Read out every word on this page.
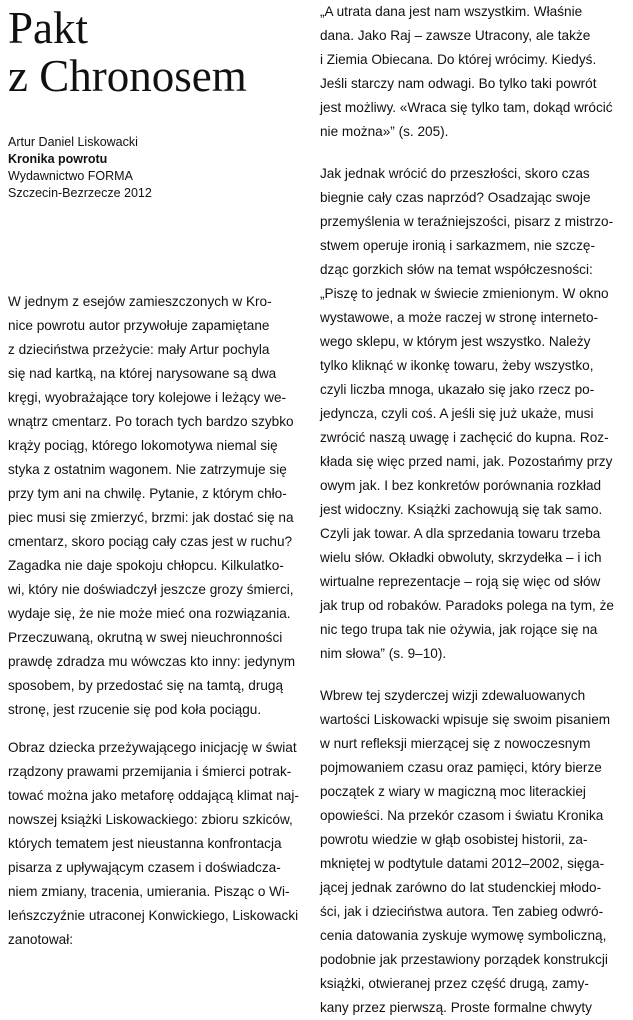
Pakt
z Chronosem
Artur Daniel Liskowacki
Kronika powrotu
Wydawnictwo FORMA
Szczecin-Bezrzecze 2012

W jednym z esejów zamieszczonych w Kro-

nice powrotu autor przywołuje zapamiętane

z dzieciństwa przeżycie: mały Artur pochyla

się nad kartką, na której narysowane są dwa

kręgi, wyobrażające tory kolejowe i leżący we-

wnątrz cmentarz. Po torach tych bardzo szybko

krąży pociąg, którego lokomotywa niemal się

styka z ostatnim wagonem. Nie zatrzymuje się

przy tym ani na chwilę. Pytanie, z którym chło-

piec musi się zmierzyć, brzmi: jak dostać się na

cmentarz, skoro pociąg cały czas jest w ruchu?

Zagadka nie daje spokoju chłopcu. Kilkulatko-

wi, który nie doświadczył jeszcze grozy śmierci,

wydaje się, że nie może mieć ona rozwiązania.

Przeczuwaną, okrutną w swej nieuchronności

prawdę zdradza mu wówczas kto inny: jedynym

sposobem, by przedostać się na tamtą, drugą

stronę, jest rzucenie się pod koła pociągu.

Obraz dziecka przeżywającego inicjację w świat

rządzony prawami przemijania i śmierci potrak-

tować można jako metaforę oddającą klimat naj-

nowszej książki Liskowackiego: zbioru szkiców,

których tematem jest nieustanna konfrontacja

pisarza z upływającym czasem i doświadcza-

niem zmiany, tracenia, umierania. Pisząc o Wi-

leńszczyźnie utraconej Konwickiego, Liskowacki

zanotował:

„A utrata dana jest nam wszystkim. Właśnie

dana. Jako Raj – zawsze Utracony, ale także

i Ziemia Obiecana. Do której wrócimy. Kiedyś.

Jeśli starczy nam odwagi. Bo tylko taki powrót

jest możliwy. «Wraca się tylko tam, dokąd wrócić

nie można»” (s. 205).

Jak jednak wrócić do przeszłości, skoro czas

biegnie cały czas naprzód? Osadzając swoje

przemyślenia w teraźniejszości, pisarz z mistrzo-

stwem operuje ironią i sarkazmem, nie szczę-

dząc gorzkich słów na temat współczesności:

„Piszę to jednak w świecie zmienionym. W okno

wystawowe, a może raczej w stronę interneto-

wego sklepu, w którym jest wszystko. Należy

tylko kliknąć w ikonkę towaru, żeby wszystko,

czyli liczba mnoga, ukazało się jako rzecz po-

jedyncza, czyli coś. A jeśli się już ukaże, musi

zwrócić naszą uwagę i zachęcić do kupna. Roz-

kłada się więc przed nami, jak. Pozostańmy przy

owym jak. I bez konkretów porównania rozkład

jest widoczny. Książki zachowują się tak samo.

Czyli jak towar. A dla sprzedania towaru trzeba

wielu słów. Okładki obwoluty, skrzydełka – i ich

wirtualne reprezentacje – roją się więc od słów

jak trup od robaków. Paradoks polega na tym, że

nic tego trupa tak nie ożywia, jak rojące się na

nim słowa” (s. 9–10).

Wbrew tej szyderczej wizji zdewaluowanych

wartości Liskowacki wpisuje się swoim pisaniem

w nurt refleksji mierzącej się z nowoczesnym

pojmowaniem czasu oraz pamięci, który bierze

początek z wiary w magiczną moc literackiej

opowieści. Na przekór czasom i światu Kronika

powrotu wiedzie w głąb osobistej historii, za-

mkniętej w podtytule datami 2012–2002, sięga-

jącej jednak zarówno do lat studenckiej młodo-

ści, jak i dzieciństwa autora. Ten zabieg odwró-

cenia datowania zyskuje wymowę symboliczną,

podobnie jak przestawiony porządek konstrukcji

książki, otwieranej przez część drugą, zamy-

kany przez pierwszą. Proste formalne chwyty
